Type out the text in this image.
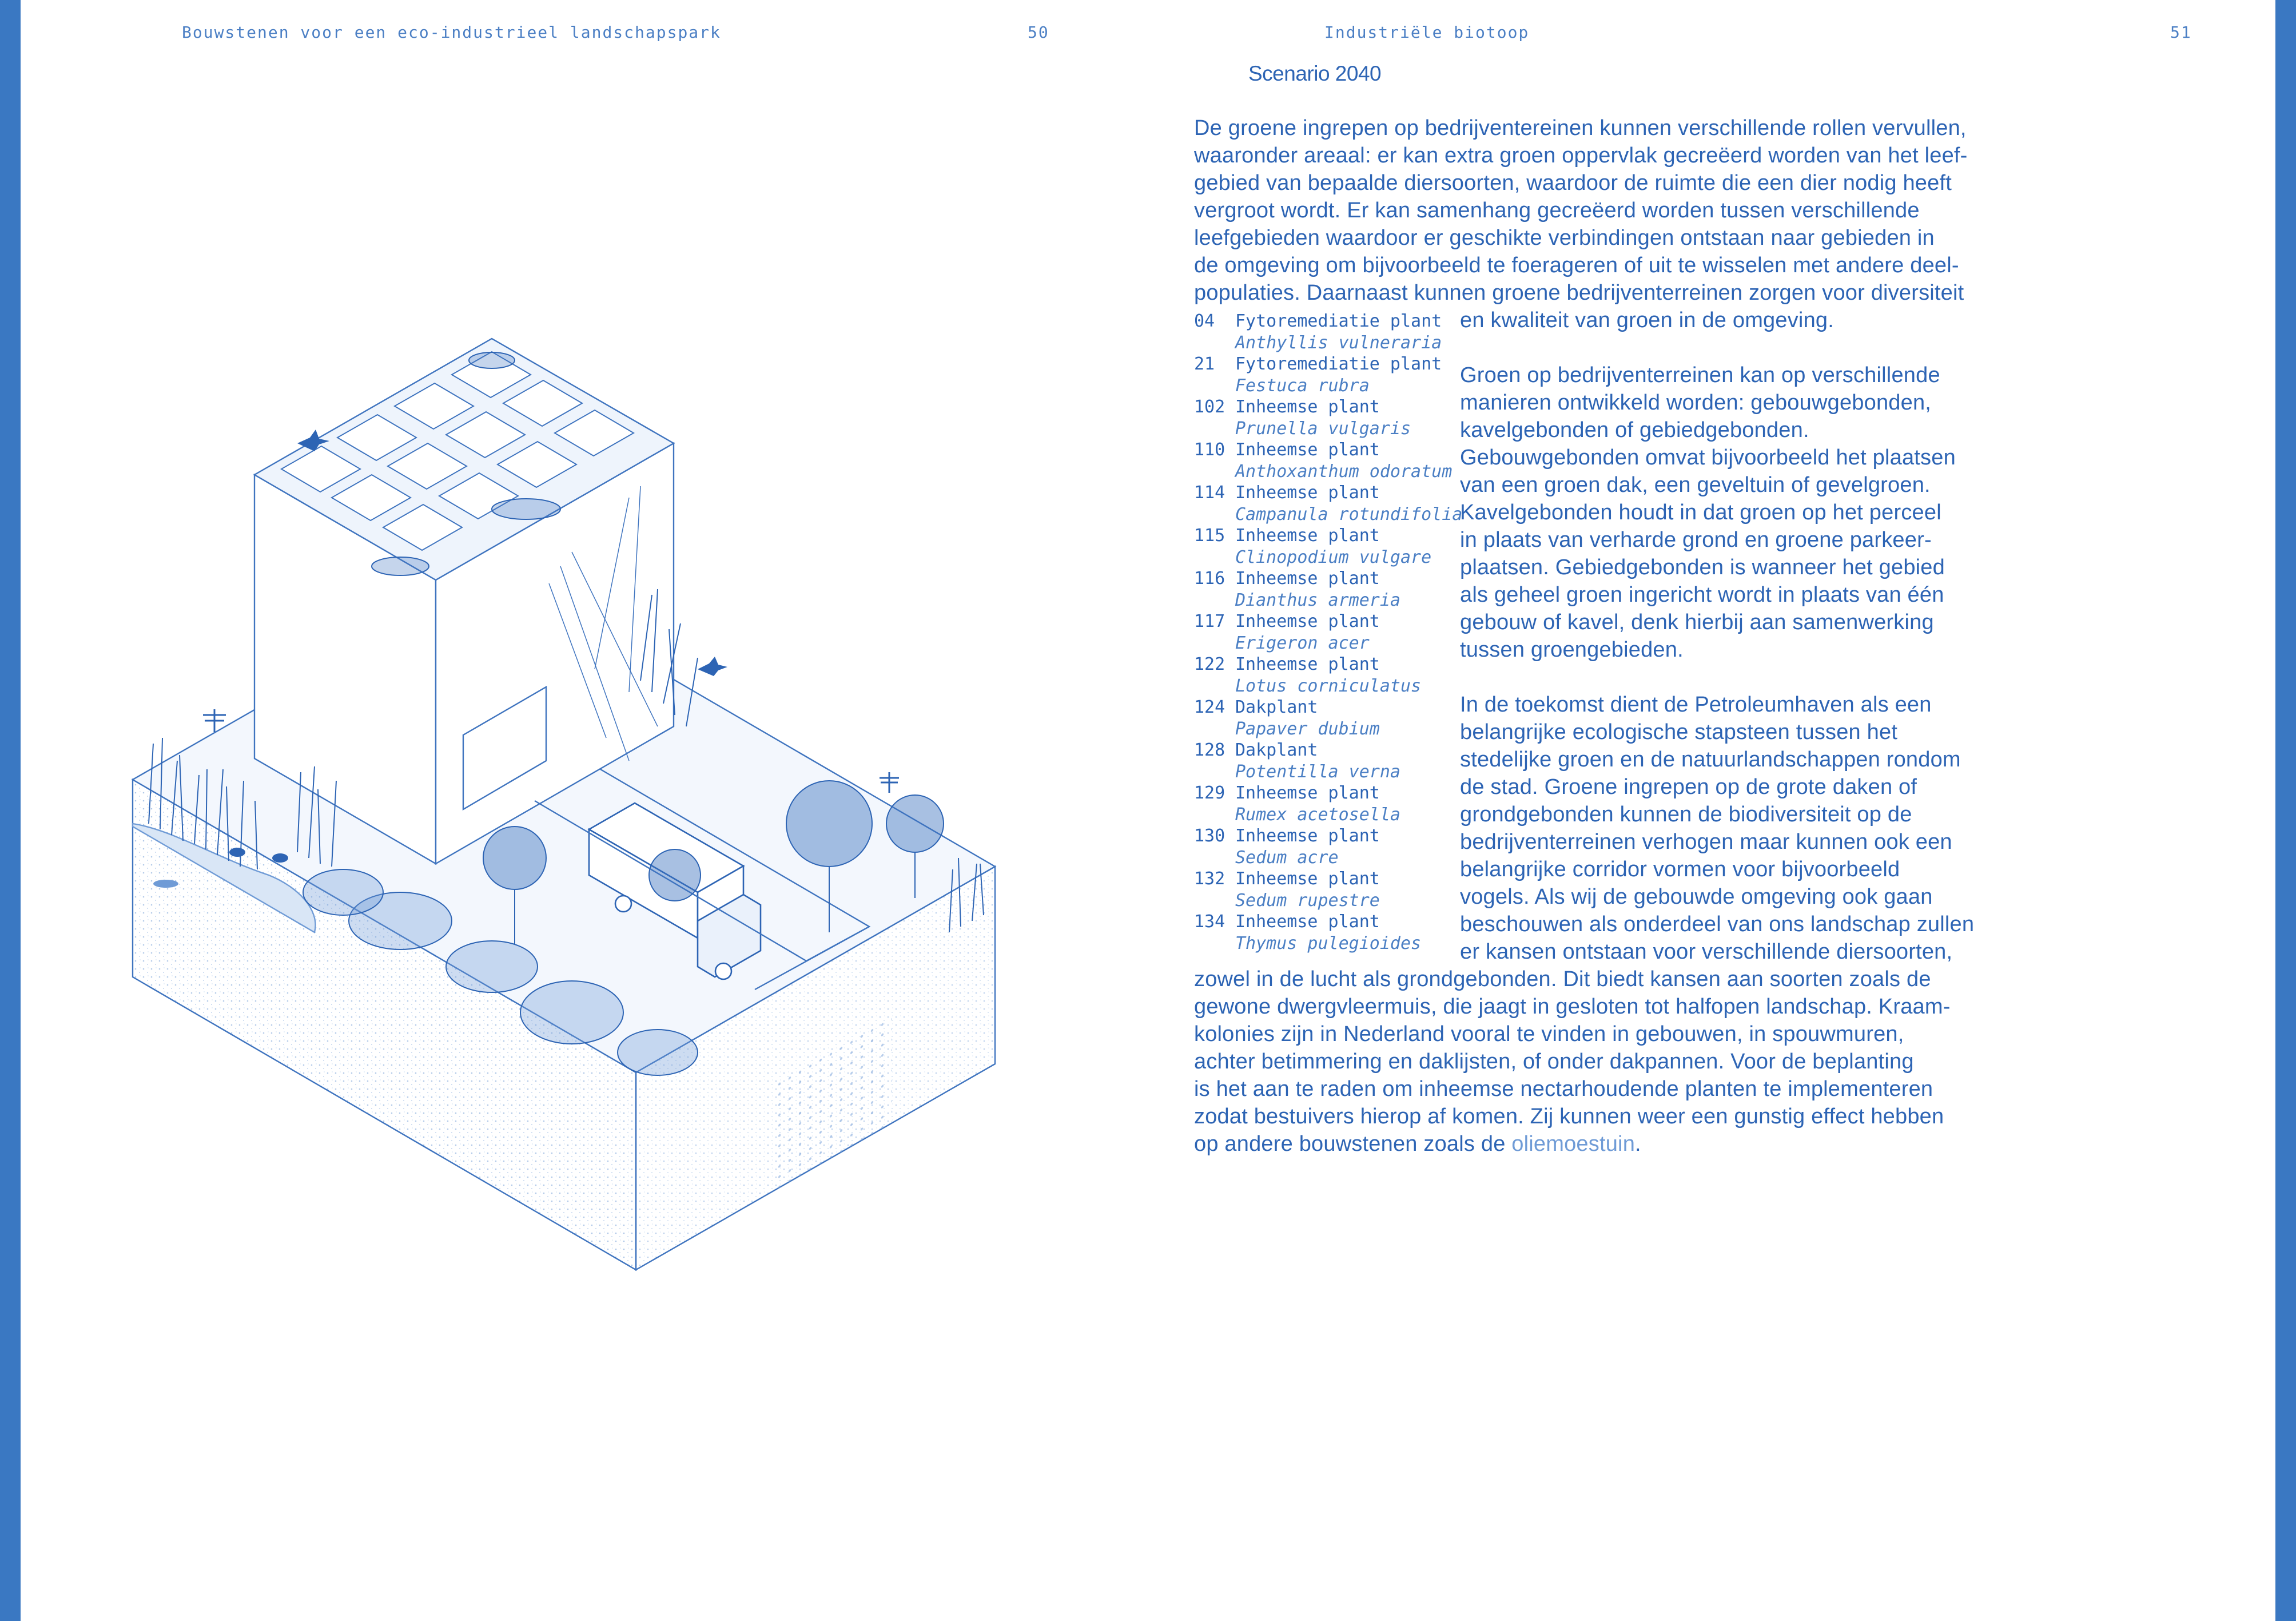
Bouwstenen voor een eco-industrieel landschapspark	50	Industriële biotoop	51
Scenario 2040
De groene ingrepen op bedrijventereinen kunnen verschillende rollen vervullen,
waaronder areaal: er kan extra groen oppervlak gecreëerd worden van het leef-
gebied van bepaalde diersoorten, waardoor de ruimte die een dier nodig heeft
vergroot wordt. Er kan samenhang gecreëerd worden tussen verschillende
leefgebieden waardoor er geschikte verbindingen ontstaan naar gebieden in
de omgeving om bijvoorbeeld te foerageren of uit te wisselen met andere deel-
populaties. Daarnaast kunnen groene bedrijventerreinen zorgen voor diversiteit
en kwaliteit van groen in de omgeving.

Groen op bedrijventerreinen kan op verschillende
manieren ontwikkeld worden: gebouwgebonden,
kavelgebonden of gebiedgebonden.
Gebouwgebonden omvat bijvoorbeeld het plaatsen
van een groen dak, een geveltuin of gevelgroen.
Kavelgebonden houdt in dat groen op het perceel
in plaats van verharde grond en groene parkeer-
plaatsen. Gebiedgebonden is wanneer het gebied
als geheel groen ingericht wordt in plaats van één
gebouw of kavel, denk hierbij aan samenwerking
tussen groengebieden.

In de toekomst dient de Petroleumhaven als een
belangrijke ecologische stapsteen tussen het
stedelijke groen en de natuurlandschappen rondom
de stad. Groene ingrepen op de grote daken of
grondgebonden kunnen de biodiversiteit op de
bedrijventerreinen verhogen maar kunnen ook een
belangrijke corridor vormen voor bijvoorbeeld
vogels. Als wij de gebouwde omgeving ook gaan
beschouwen als onderdeel van ons landschap zullen
er kansen ontstaan voor verschillende diersoorten,
zowel in de lucht als grondgebonden. Dit biedt kansen aan soorten zoals de
gewone dwergvleermuis, die jaagt in gesloten tot halfopen landschap. Kraam-
kolonies zijn in Nederland vooral te vinden in gebouwen, in spouwmuren,
achter betimmering en daklijsten, of onder dakpannen. Voor de beplanting
is het aan te raden om inheemse nectarhoudende planten te implementeren
zodat bestuivers hierop af komen. Zij kunnen weer een gunstig effect hebben
op andere bouwstenen zoals de oliemoestuin.
04 Fytoremediatie plant
Anthyllis vulneraria
21 Fytoremediatie plant
Festuca rubra
102 Inheemse plant
Prunella vulgaris
110 Inheemse plant
Anthoxanthum odoratum
114 Inheemse plant
Campanula rotundifolia
115 Inheemse plant
Clinopodium vulgare
116 Inheemse plant
Dianthus armeria
117 Inheemse plant
Erigeron acer
122 Inheemse plant
Lotus corniculatus
124 Dakplant
Papaver dubium
128 Dakplant
Potentilla verna
129 Inheemse plant
Rumex acetosella
130 Inheemse plant
Sedum acre
132 Inheemse plant
Sedum rupestre
134 Inheemse plant
Thymus pulegioides
